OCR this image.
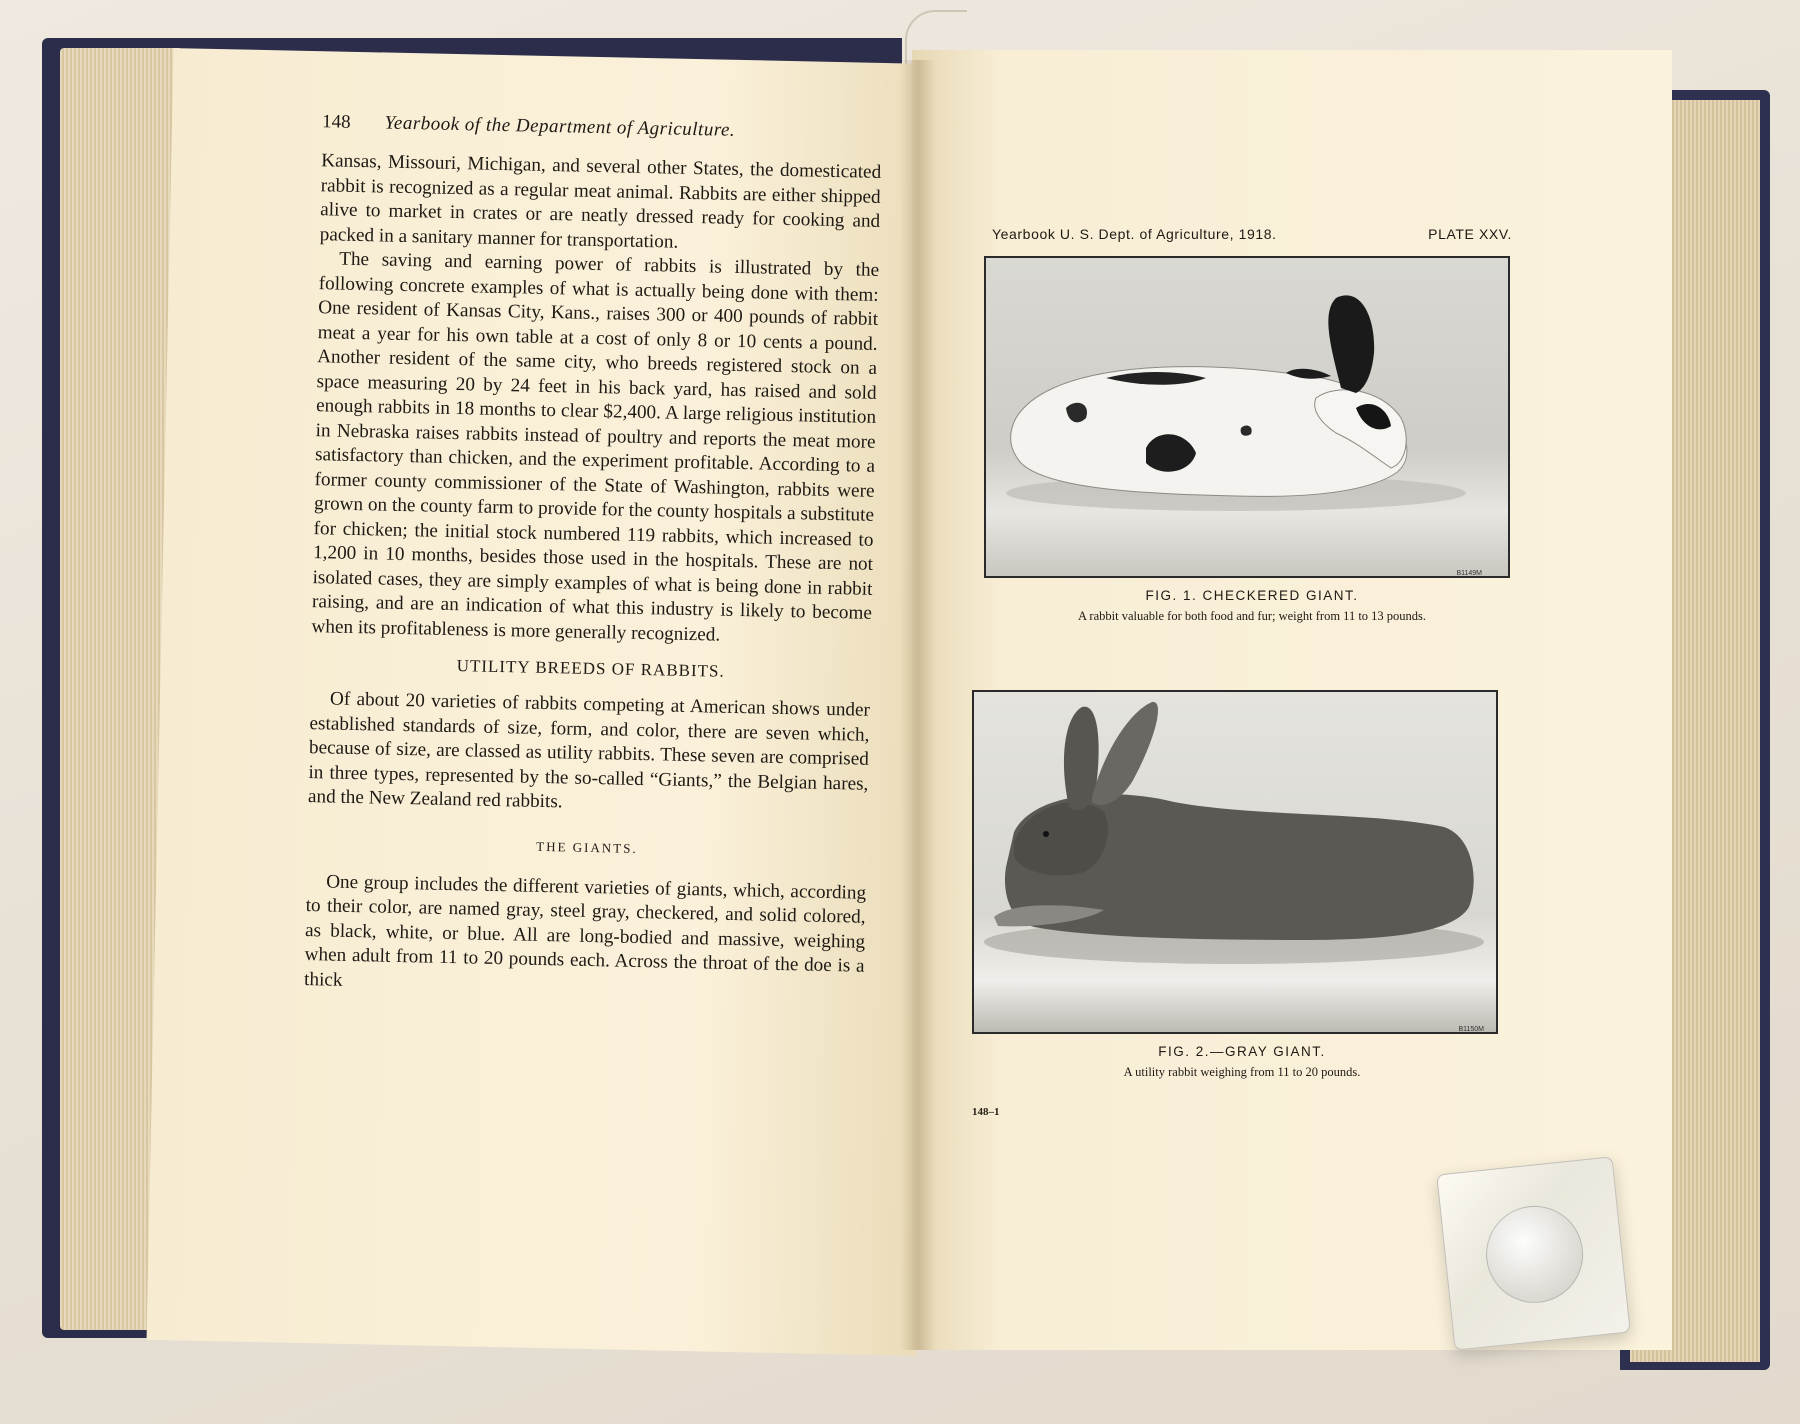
148 Yearbook of the Department of Agriculture.

Kansas, Missouri, Michigan, and several other States, the domesticated rabbit is recognized as a regular meat animal. Rabbits are either shipped alive to market in crates or are neatly dressed ready for cooking and packed in a sanitary manner for transportation.

The saving and earning power of rabbits is illustrated by the following concrete examples of what is actually being done with them: One resident of Kansas City, Kans., raises 300 or 400 pounds of rabbit meat a year for his own table at a cost of only 8 or 10 cents a pound. Another resident of the same city, who breeds registered stock on a space measuring 20 by 24 feet in his back yard, has raised and sold enough rabbits in 18 months to clear $2,400. A large religious institution in Nebraska raises rabbits instead of poultry and reports the meat more satisfactory than chicken, and the experiment profitable. According to a former county commissioner of the State of Washington, rabbits were grown on the county farm to provide for the county hospitals a substitute for chicken; the initial stock numbered 119 rabbits, which increased to 1,200 in 10 months, besides those used in the hospitals. These are not isolated cases, they are simply examples of what is being done in rabbit raising, and are an indication of what this industry is likely to become when its profitableness is more generally recognized.

UTILITY BREEDS OF RABBITS.

Of about 20 varieties of rabbits competing at American shows under established standards of size, form, and color, there are seven which, because of size, are classed as utility rabbits. These seven are comprised in three types, represented by the so-called “Giants,” the Belgian hares, and the New Zealand red rabbits.

THE GIANTS.

One group includes the different varieties of giants, which, according to their color, are named gray, steel gray, checkered, and solid colored, as black, white, or blue. All are long-bodied and massive, weighing when adult from 11 to 20 pounds each. Across the throat of the doe is a thick

Yearbook U. S. Dept. of Agriculture, 1918.	PLATE XXV.
B1149M
FIG. 1. CHECKERED GIANT.
A rabbit valuable for both food and fur; weight from 11 to 13 pounds.
B1150M
FIG. 2.—GRAY GIANT.
A utility rabbit weighing from 11 to 20 pounds.
148–1
